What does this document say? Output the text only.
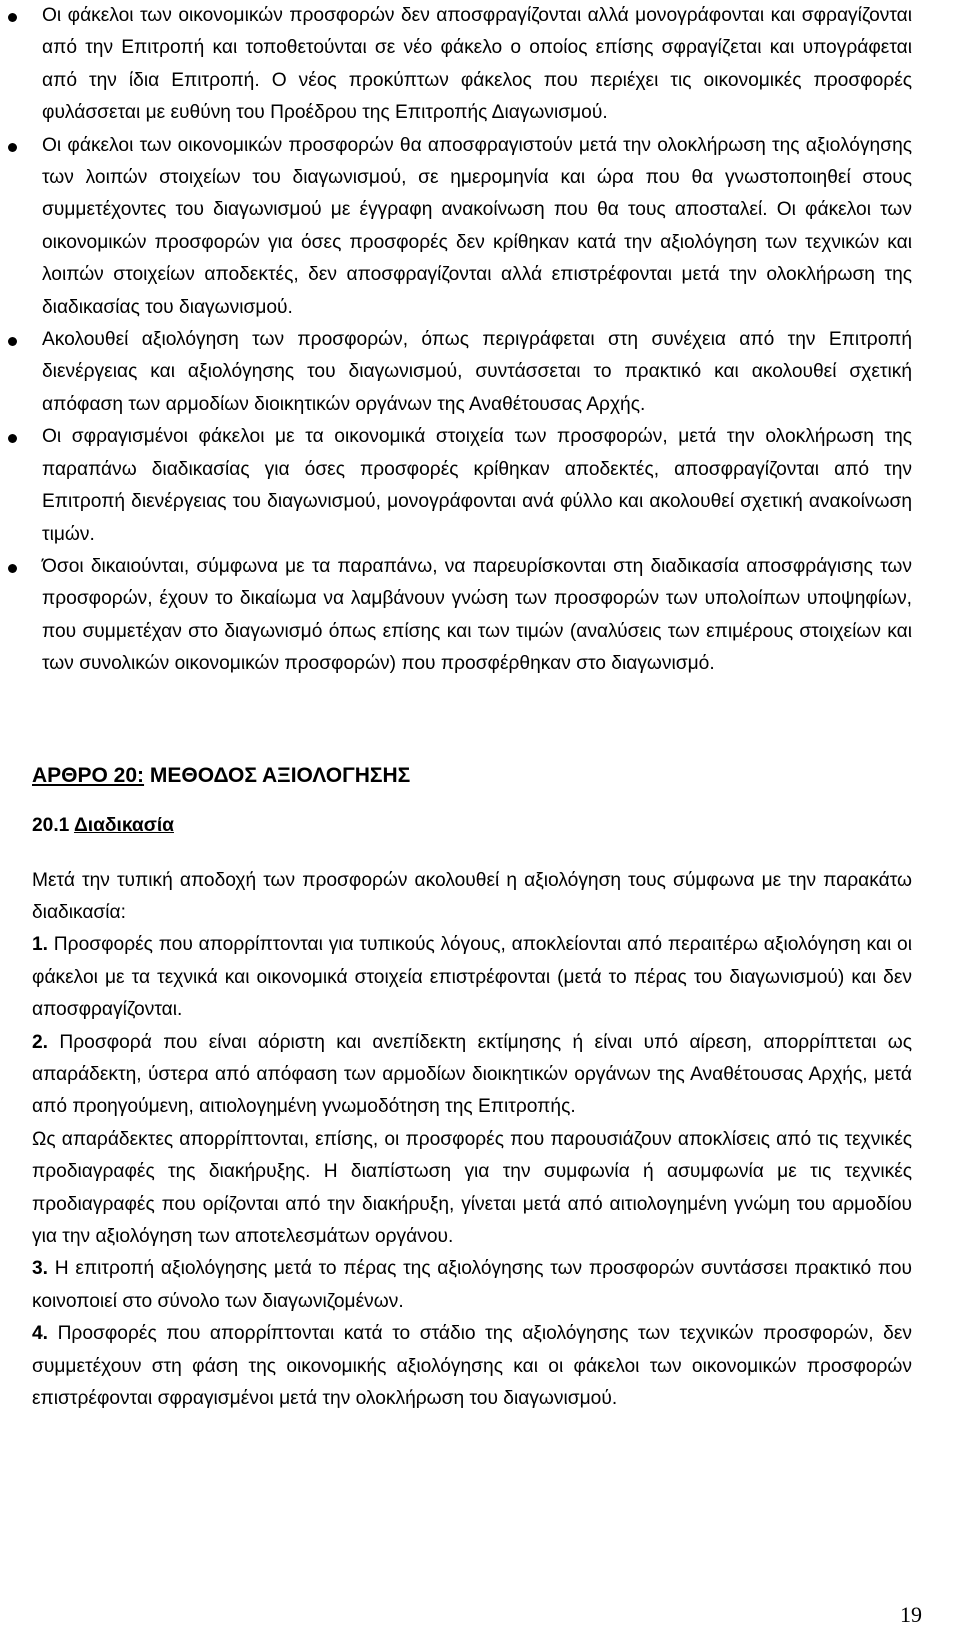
Οι φάκελοι των οικονομικών προσφορών δεν αποσφραγίζονται αλλά μονογράφονται και σφραγίζονται από την Επιτροπή και τοποθετούνται σε νέο φάκελο ο οποίος επίσης σφραγίζεται και υπογράφεται από την ίδια Επιτροπή. Ο νέος προκύπτων φάκελος που περιέχει τις οικονομικές προσφορές φυλάσσεται με ευθύνη του Προέδρου της Επιτροπής Διαγωνισμού.
Οι φάκελοι των οικονομικών προσφορών θα αποσφραγιστούν μετά την ολοκλήρωση της αξιολόγησης των λοιπών στοιχείων του διαγωνισμού, σε ημερομηνία και ώρα που θα γνωστοποιηθεί στους συμμετέχοντες του διαγωνισμού με έγγραφη ανακοίνωση που θα τους αποσταλεί. Οι φάκελοι των οικονομικών προσφορών για όσες προσφορές δεν κρίθηκαν κατά την αξιολόγηση των τεχνικών και λοιπών στοιχείων αποδεκτές, δεν αποσφραγίζονται αλλά επιστρέφονται μετά την ολοκλήρωση της διαδικασίας του διαγωνισμού.
Ακολουθεί αξιολόγηση των προσφορών, όπως περιγράφεται στη συνέχεια από την Επιτροπή διενέργειας και αξιολόγησης του διαγωνισμού, συντάσσεται το πρακτικό και ακολουθεί σχετική απόφαση των αρμοδίων διοικητικών οργάνων της Αναθέτουσας Αρχής.
Οι σφραγισμένοι φάκελοι με τα οικονομικά στοιχεία των προσφορών, μετά την ολοκλήρωση της παραπάνω διαδικασίας για όσες προσφορές κρίθηκαν αποδεκτές, αποσφραγίζονται από την Επιτροπή διενέργειας του διαγωνισμού, μονογράφονται ανά φύλλο και ακολουθεί σχετική ανακοίνωση τιμών.
Όσοι δικαιούνται, σύμφωνα με τα παραπάνω, να παρευρίσκονται στη διαδικασία αποσφράγισης των προσφορών, έχουν το δικαίωμα να λαμβάνουν γνώση των προσφορών των υπολοίπων υποψηφίων, που συμμετέχαν στο διαγωνισμό όπως επίσης και των τιμών (αναλύσεις των επιμέρους στοιχείων και των συνολικών οικονομικών προσφορών) που προσφέρθηκαν στο διαγωνισμό.
ΑΡΘΡΟ 20: ΜΕΘΟΔΟΣ ΑΞΙΟΛΟΓΗΣΗΣ
20.1 Διαδικασία

Μετά την τυπική αποδοχή των προσφορών ακολουθεί η αξιολόγηση τους σύμφωνα με την παρακάτω διαδικασία:

1. Προσφορές που απορρίπτονται για τυπικούς λόγους, αποκλείονται από περαιτέρω αξιολόγηση και οι φάκελοι με τα τεχνικά και οικονομικά στοιχεία επιστρέφονται (μετά το πέρας του διαγωνισμού) και δεν αποσφραγίζονται.

2. Προσφορά που είναι αόριστη και ανεπίδεκτη εκτίμησης ή είναι υπό αίρεση, απορρίπτεται ως απαράδεκτη, ύστερα από απόφαση των αρμοδίων διοικητικών οργάνων της Αναθέτουσας Αρχής, μετά από προηγούμενη, αιτιολογημένη γνωμοδότηση της Επιτροπής.

Ως απαράδεκτες απορρίπτονται, επίσης, οι προσφορές που παρουσιάζουν αποκλίσεις από τις τεχνικές προδιαγραφές της διακήρυξης. Η διαπίστωση για την συμφωνία ή ασυμφωνία με τις τεχνικές προδιαγραφές που ορίζονται από την διακήρυξη, γίνεται μετά από αιτιολογημένη γνώμη του αρμοδίου για την αξιολόγηση των αποτελεσμάτων οργάνου.

3. Η επιτροπή αξιολόγησης μετά το πέρας της αξιολόγησης των προσφορών συντάσσει πρακτικό που κοινοποιεί στο σύνολο των διαγωνιζομένων.

4. Προσφορές που απορρίπτονται κατά το στάδιο της αξιολόγησης των τεχνικών προσφορών, δεν συμμετέχουν στη φάση της οικονομικής αξιολόγησης και οι φάκελοι των οικονομικών προσφορών επιστρέφονται σφραγισμένοι μετά την ολοκλήρωση του διαγωνισμού.

19
